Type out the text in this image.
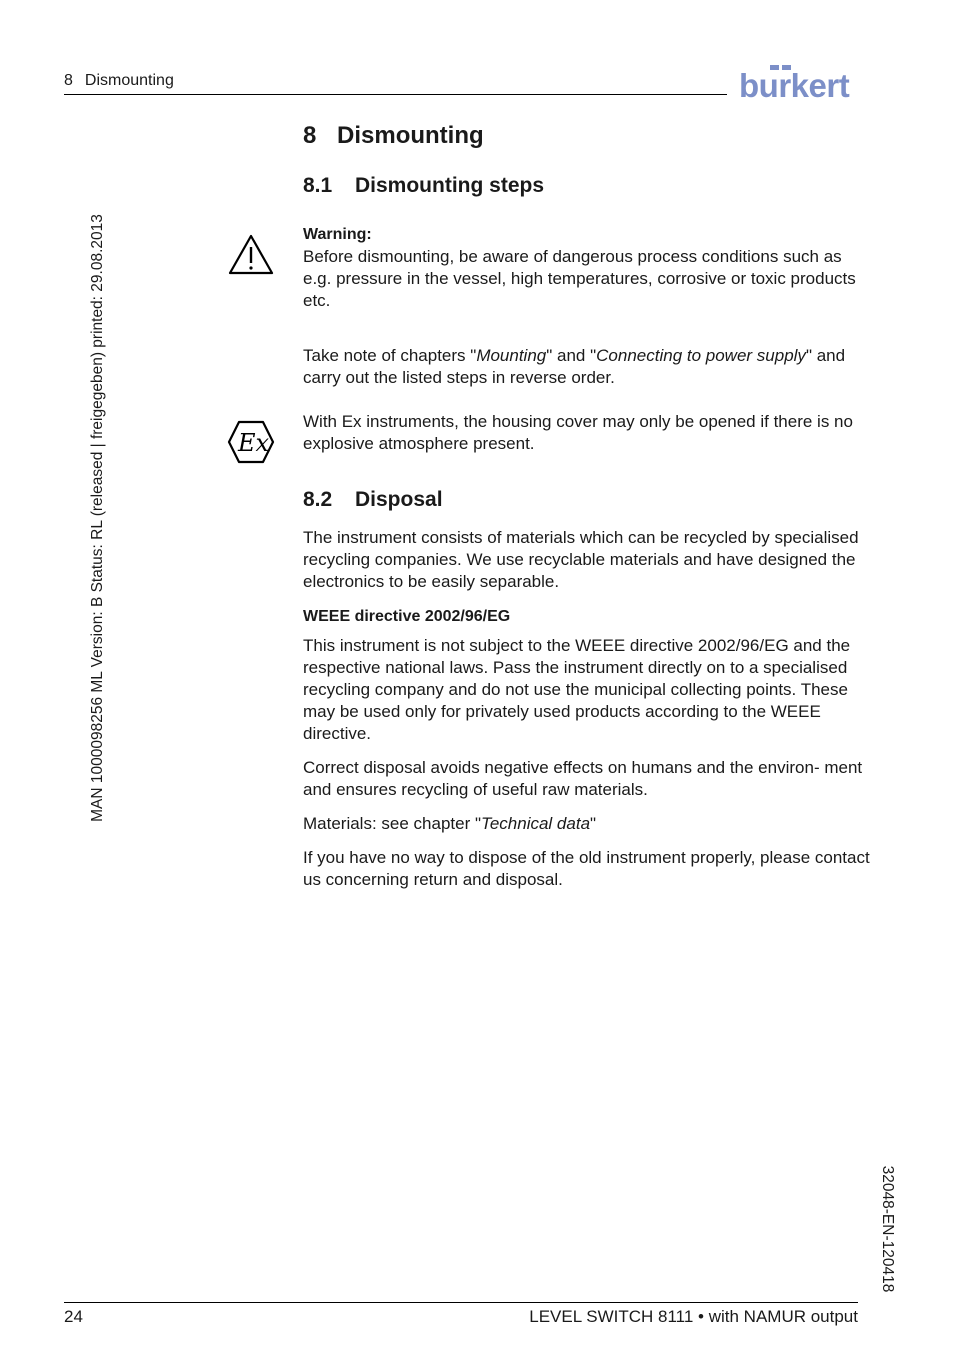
8 Dismounting	burkert
MAN 1000098256 ML Version: B Status: RL (released | freigegeben) printed: 29.08.2013
32048-EN-120418
8 Dismounting
8.1 Dismounting steps
Warning:
Before dismounting, be aware of dangerous process conditions such as e.g. pressure in the vessel, high temperatures, corrosive or toxic products etc.

Take note of chapters "Mounting" and "Connecting to power supply" and carry out the listed steps in reverse order.

Ex

With Ex instruments, the housing cover may only be opened if there is no explosive atmosphere present.

8.2 Disposal

The instrument consists of materials which can be recycled by specialised recycling companies. We use recyclable materials and have designed the electronics to be easily separable.

WEEE directive 2002/96/EG

This instrument is not subject to the WEEE directive 2002/96/EG and the respective national laws. Pass the instrument directly on to a specialised recycling company and do not use the municipal collecting points. These may be used only for privately used products according to the WEEE directive.

Correct disposal avoids negative effects on humans and the environ- ment and ensures recycling of useful raw materials.

Materials: see chapter "Technical data"

If you have no way to dispose of the old instrument properly, please contact us concerning return and disposal.

24	LEVEL SWITCH 8111 • with NAMUR output
